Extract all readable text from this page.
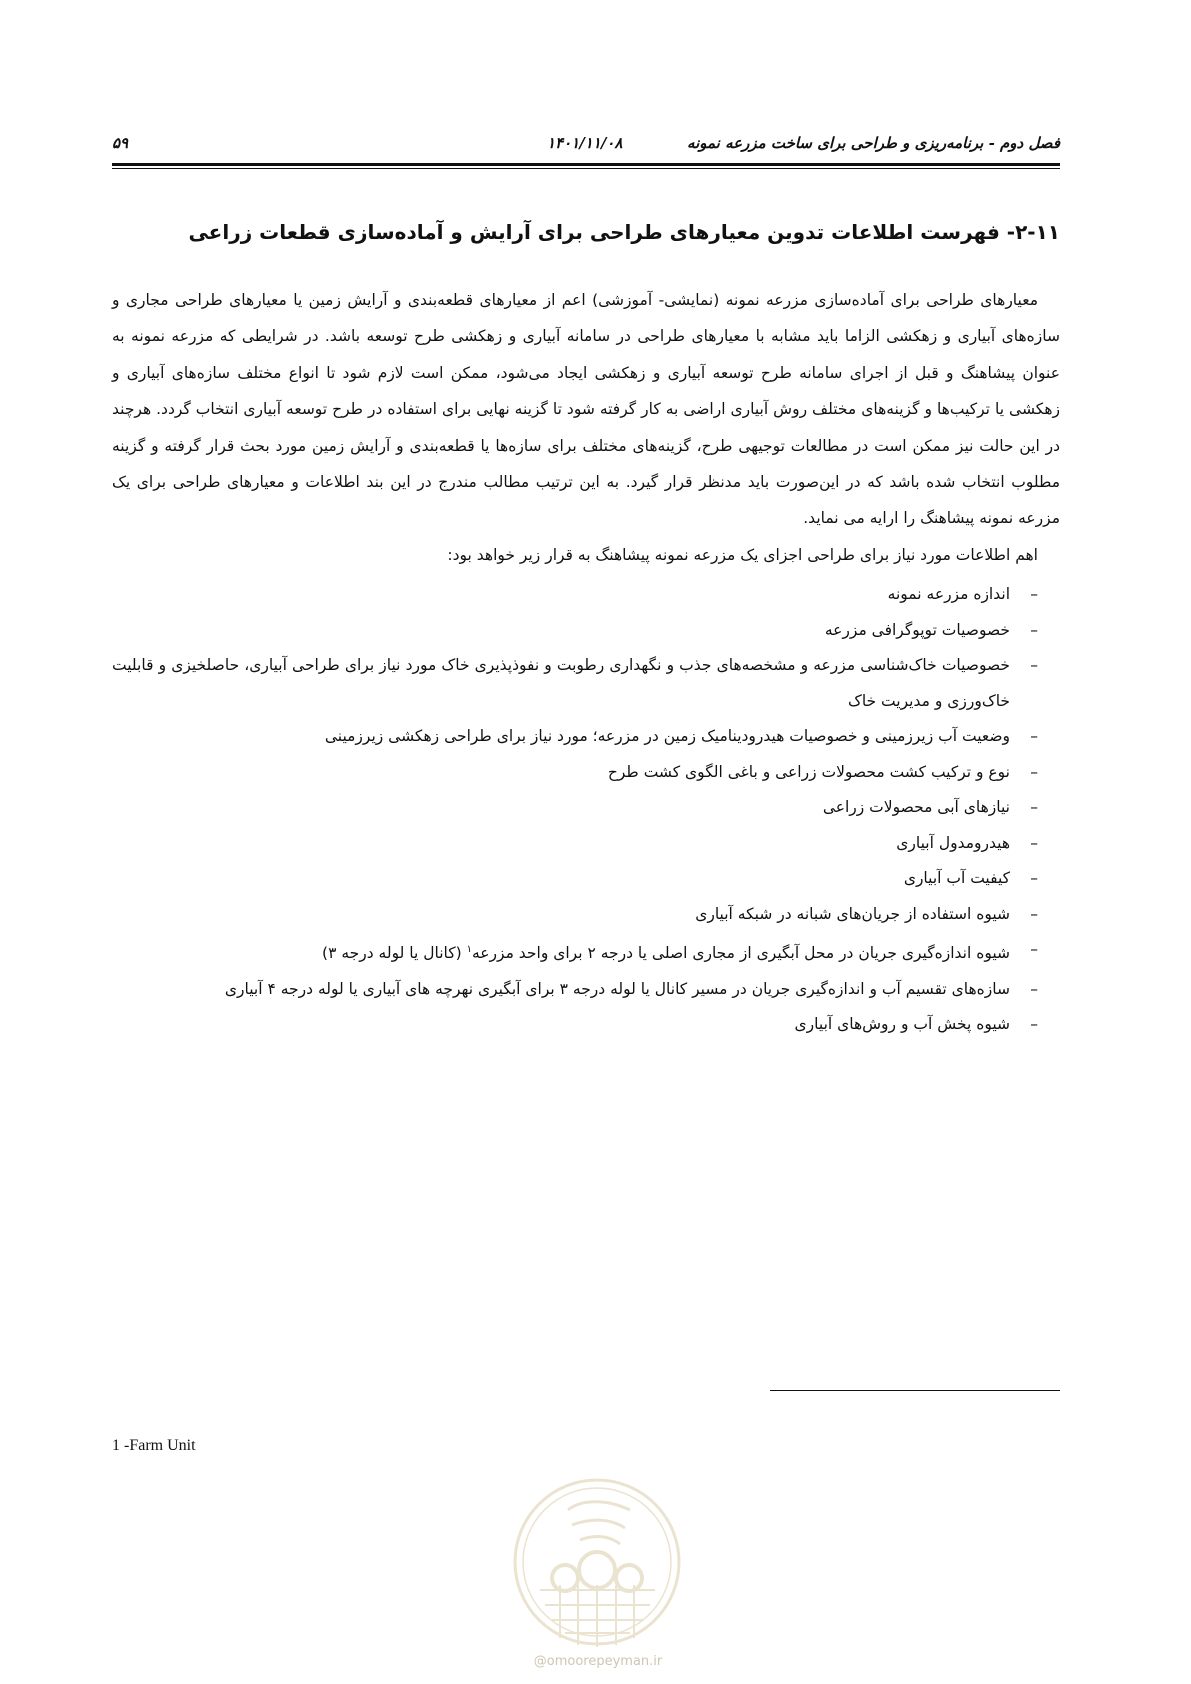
فصل دوم - برنامه‌ریزی و طراحی برای ساخت مزرعه نمونه
۱۴۰۱/۱۱/۰۸
۵۹
۲-۱۱- فهرست اطلاعات تدوین معیارهای طراحی برای آرایش و آماده‌سازی قطعات زراعی

معیارهای طراحی برای آماده‌سازی مزرعه نمونه (نمایشی- آموزشی) اعم از معیارهای قطعه‌بندی و آرایش زمین یا معیارهای طراحی مجاری و سازه‌های آبیاری و زهکشی الزاما باید مشابه با معیارهای طراحی در سامانه آبیاری و زهکشی طرح توسعه باشد. در شرایطی که مزرعه نمونه به عنوان پیشاهنگ و قبل از اجرای سامانه طرح توسعه آبیاری و زهکشی ایجاد می‌شود، ممکن است لازم شود تا انواع مختلف سازه‌های آبیاری و زهکشی یا ترکیب‌ها و گزینه‌های مختلف روش آبیاری اراضی به کار گرفته شود تا گزینه نهایی برای استفاده در طرح توسعه آبیاری انتخاب گردد. هرچند در این حالت نیز ممکن است در مطالعات توجیهی طرح، گزینه‌های مختلف برای سازه‌ها یا قطعه‌بندی و آرایش زمین مورد بحث قرار گرفته و گزینه مطلوب انتخاب شده باشد که در این‌صورت باید مدنظر قرار گیرد. به این ترتیب مطالب مندرج در این بند اطلاعات و معیارهای طراحی برای یک مزرعه نمونه پیشاهنگ را ارایه می نماید.

اهم اطلاعات مورد نیاز برای طراحی اجزای یک مزرعه نمونه پیشاهنگ به قرار زیر خواهد بود:

–
اندازه مزرعه نمونه
–
خصوصیات توپوگرافی مزرعه
–
خصوصیات خاک‌شناسی مزرعه و مشخصه‌های جذب و نگهداری رطوبت و نفوذپذیری خاک مورد نیاز برای طراحی آبیاری، حاصلخیزی و قابلیت خاک‌ورزی و مدیریت خاک
–
وضعیت آب زیرزمینی و خصوصیات هیدرودینامیک زمین در مزرعه؛ مورد نیاز برای طراحی زهکشی زیرزمینی
–
نوع و ترکیب کشت محصولات زراعی و باغی الگوی کشت طرح
–
نیازهای آبی محصولات زراعی
–
هیدرومدول آبیاری
–
کیفیت آب آبیاری
–
شیوه استفاده از جریان‌های شبانه در شبکه آبیاری
–
شیوه اندازه‌گیری جریان در محل آبگیری از مجاری اصلی یا درجه ۲ برای واحد مزرعه$^۱$ (کانال یا لوله درجه ۳)
–
سازه‌های تقسیم آب و اندازه‌گیری جریان در مسیر کانال یا لوله درجه ۳ برای آبگیری نهرچه های آبیاری یا لوله درجه ۴ آبیاری
–
شیوه پخش آب و روش‌های آبیاری
1 -Farm Unit
@omoorepeyman.ir
